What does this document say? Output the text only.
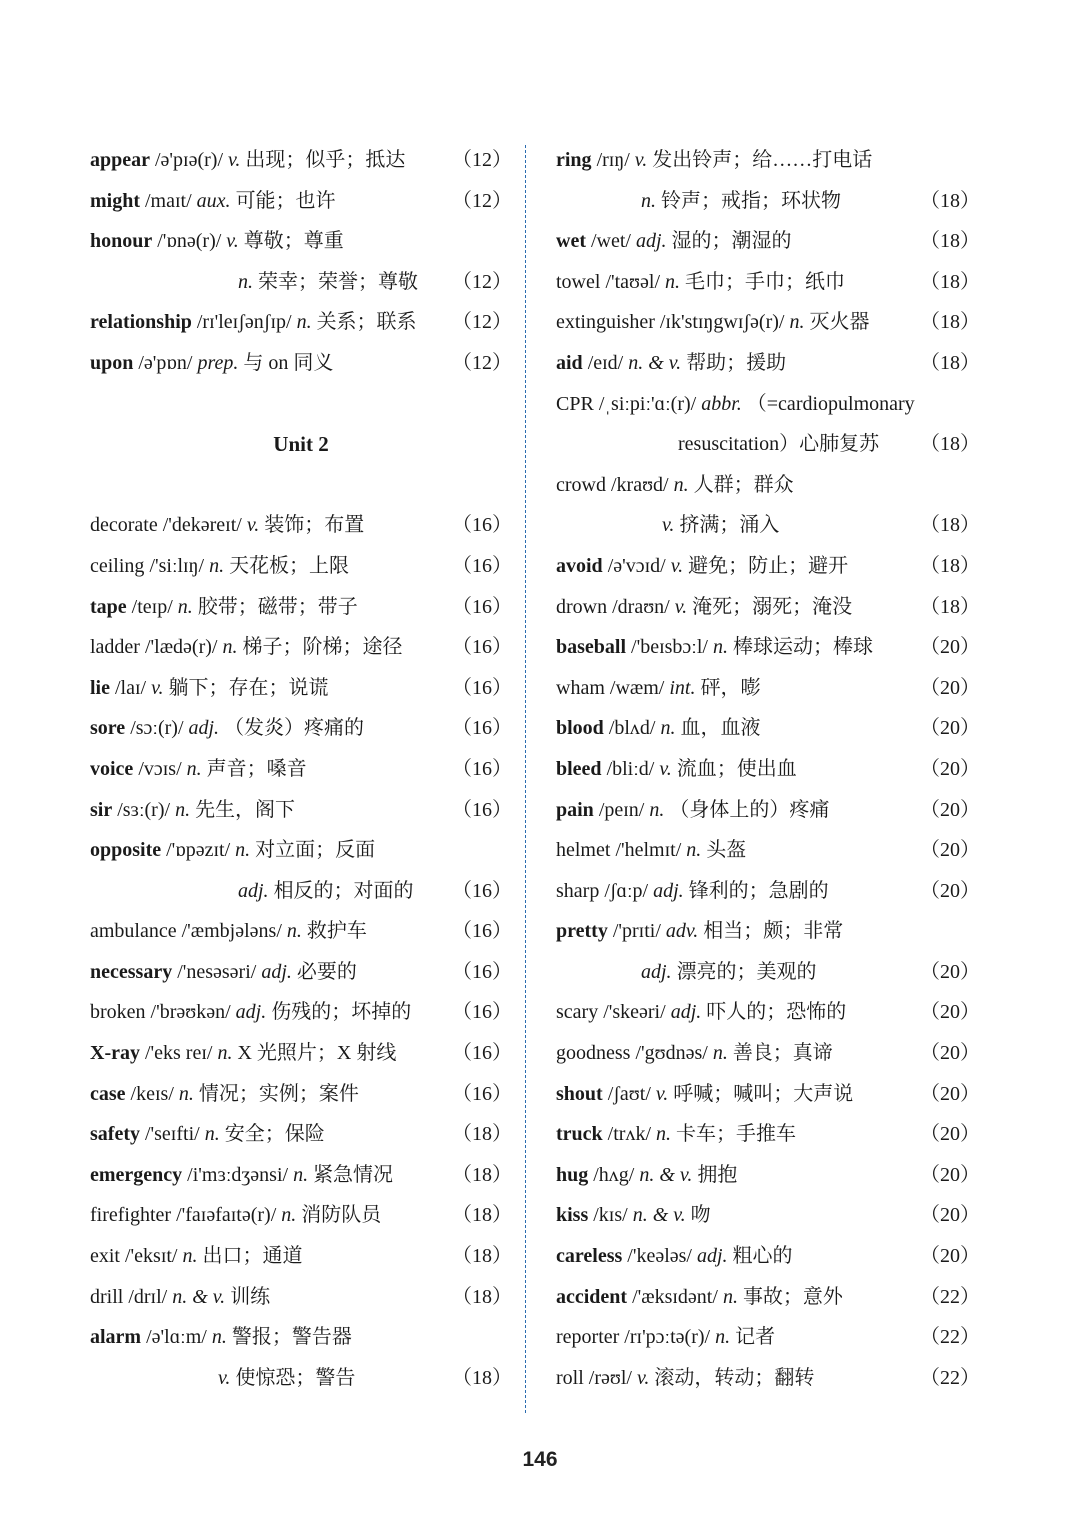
appear /ə'pɪə(r)/ v. 出现；似乎；抵达 （12）
might /maɪt/ aux. 可能；也许	（12）
honour /'ɒnə(r)/ v. 尊敬；尊重
n. 荣幸；荣誉；尊敬 （12）
relationship /rɪ'leɪʃənʃɪp/ n. 关系；联系 （12）
upon /ə'pɒn/ prep. 与 on 同义	（12）
Unit 2
decorate /'dekəreɪt/ v. 装饰；布置	（16）
ceiling /'siːlɪŋ/ n. 天花板；上限	（16）
tape /teɪp/ n. 胶带；磁带；带子	（16）
ladder /'lædə(r)/ n. 梯子；阶梯；途径 （16）
lie /laɪ/ v. 躺下；存在；说谎	（16）
sore /sɔː(r)/ adj. （发炎）疼痛的	（16）
voice /vɔɪs/ n. 声音；嗓音	（16）
sir /sɜː(r)/ n. 先生，阁下	（16）
opposite /'ɒpəzɪt/ n. 对立面；反面
adj. 相反的；对面的 （16）
ambulance /'æmbjələns/ n. 救护车	（16）
necessary /'nesəsəri/ adj. 必要的	（16）
broken /'brəʊkən/ adj. 伤残的；坏掉的 （16）
X-ray /'eks reɪ/ n. X 光照片；X 射线	（16）
case /keɪs/ n. 情况；实例；案件	（16）
safety /'seɪfti/ n. 安全；保险	（18）
emergency /i'mɜːdʒənsi/ n. 紧急情况	（18）
firefighter /'faɪəfaɪtə(r)/ n. 消防队员	（18）
exit /'eksɪt/ n. 出口；通道	（18）
drill /drɪl/ n. & v. 训练	（18）
alarm /ə'lɑːm/ n. 警报；警告器
v. 使惊恐；警告	（18）
ring /rɪŋ/ v. 发出铃声；给……打电话
n. 铃声；戒指；环状物	（18）
wet /wet/ adj. 湿的；潮湿的	（18）
towel /'taʊəl/ n. 毛巾；手巾；纸巾	（18）
extinguisher /ɪk'stɪŋgwɪʃə(r)/ n. 灭火器	（18）
aid /eɪd/ n. & v. 帮助；援助	（18）
CPR /ˌsiːpiː'ɑː(r)/ abbr. （=cardiopulmonary
resuscitation）心肺复苏 （18）
crowd /kraʊd/ n. 人群；群众
v. 挤满；涌入	（18）
avoid /ə'vɔɪd/ v. 避免；防止；避开	（18）
drown /draʊn/ v. 淹死；溺死；淹没	（18）
baseball /'beɪsbɔːl/ n. 棒球运动；棒球 （20）
wham /wæm/ int. 砰，嘭	（20）
blood /blʌd/ n. 血，血液	（20）
bleed /bliːd/ v. 流血；使出血	（20）
pain /peɪn/ n. （身体上的）疼痛	（20）
helmet /'helmɪt/ n. 头盔	（20）
sharp /ʃɑːp/ adj. 锋利的；急剧的	（20）
pretty /'prɪti/ adv. 相当；颇；非常
adj. 漂亮的；美观的	（20）
scary /'skeəri/ adj. 吓人的；恐怖的	（20）
goodness /'gʊdnəs/ n. 善良；真谛	（20）
shout /ʃaʊt/ v. 呼喊；喊叫；大声说	（20）
truck /trʌk/ n. 卡车；手推车	（20）
hug /hʌg/ n. & v. 拥抱	（20）
kiss /kɪs/ n. & v. 吻	（20）
careless /'keələs/ adj. 粗心的	（20）
accident /'æksɪdənt/ n. 事故；意外	（22）
reporter /rɪ'pɔːtə(r)/ n. 记者	（22）
roll /rəʊl/ v. 滚动，转动；翻转	（22）
146
